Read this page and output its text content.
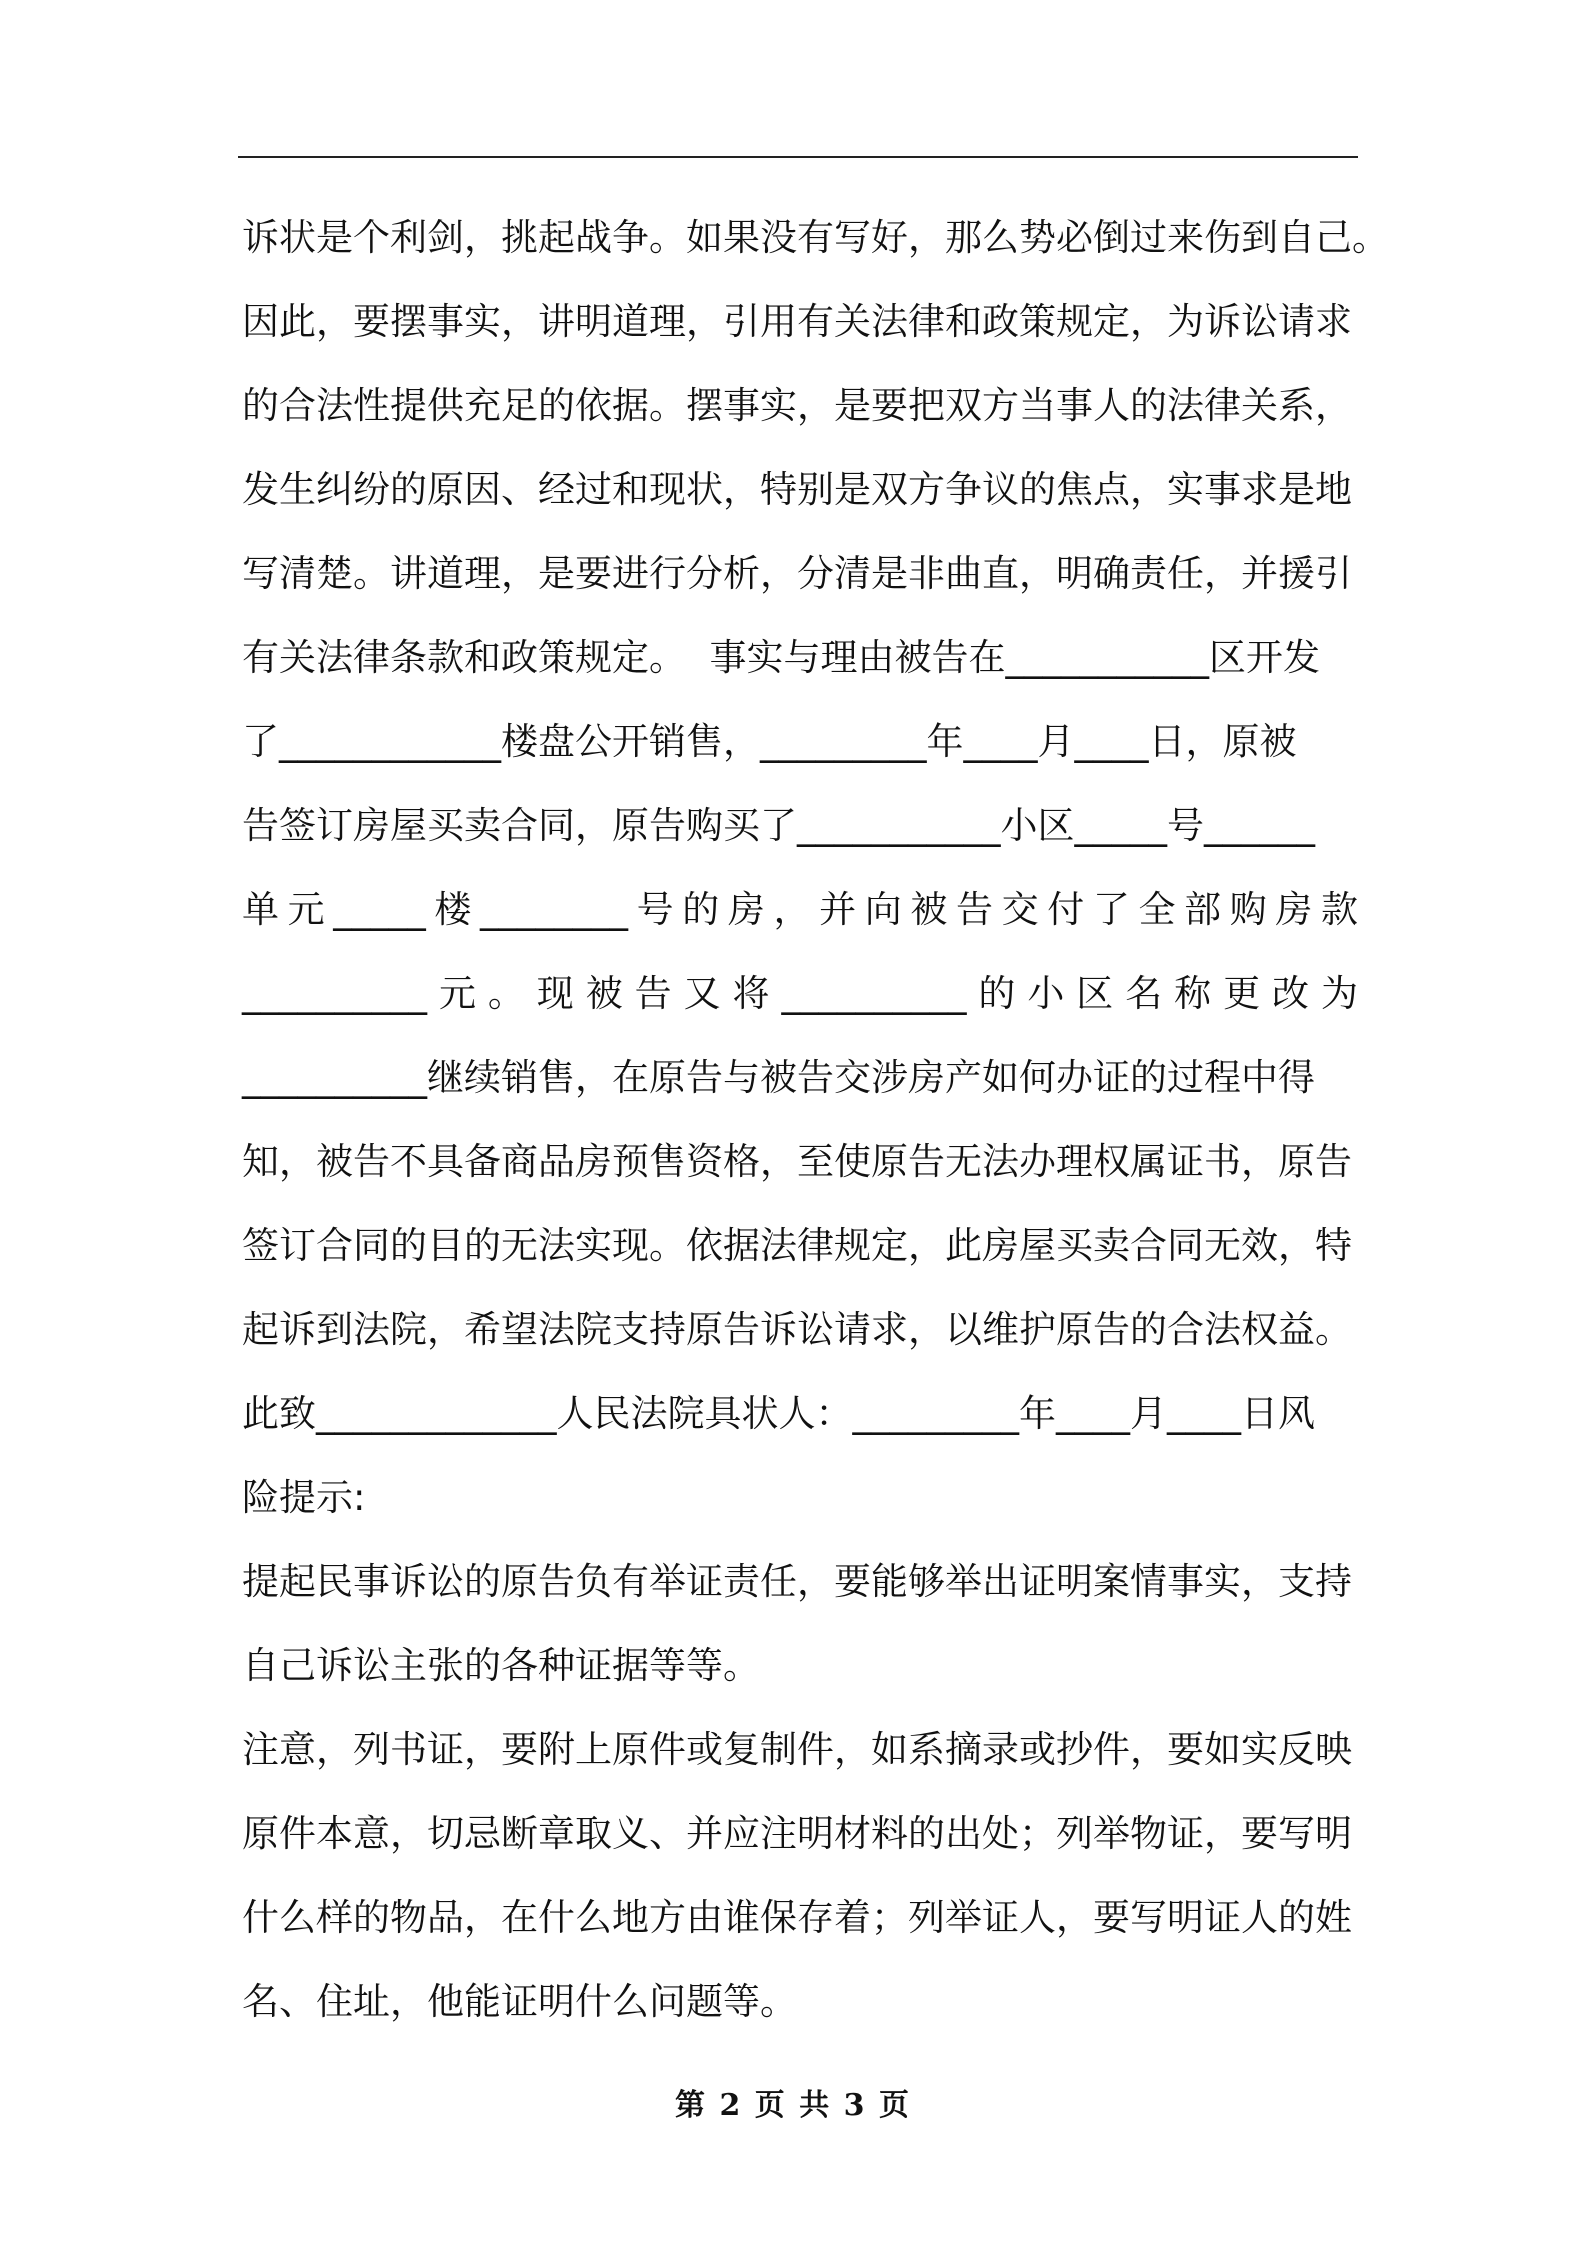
诉状是个利剑，挑起战争。如果没有写好，那么势必倒过来伤到自己。
因此，要摆事实，讲明道理，引用有关法律和政策规定，为诉讼请求
的合法性提供充足的依据。摆事实，是要把双方当事人的法律关系，
发生纠纷的原因、经过和现状，特别是双方争议的焦点，实事求是地
写清楚。讲道理，是要进行分析，分清是非曲直，明确责任，并援引
有关法律条款和政策规定。  事实与理由被告在___________区开发
了____________楼盘公开销售，_________年____月____日，原被
告签订房屋买卖合同，原告购买了___________小区_____号______
单元_____楼________号的房，并向被告交付了全部购房款
__________元。现被告又将__________的小区名称更改为
__________继续销售，在原告与被告交涉房产如何办证的过程中得
知，被告不具备商品房预售资格，至使原告无法办理权属证书，原告
签订合同的目的无法实现。依据法律规定，此房屋买卖合同无效，特
起诉到法院，希望法院支持原告诉讼请求，以维护原告的合法权益。
此致_____________人民法院具状人：_________年____月____日风
险提示:
提起民事诉讼的原告负有举证责任，要能够举出证明案情事实，支持
自己诉讼主张的各种证据等等。
注意，列书证，要附上原件或复制件，如系摘录或抄件，要如实反映
原件本意，切忌断章取义、并应注明材料的出处；列举物证，要写明
什么样的物品，在什么地方由谁保存着；列举证人，要写明证人的姓
名、住址，他能证明什么问题等。
第 2 页 共 3 页
